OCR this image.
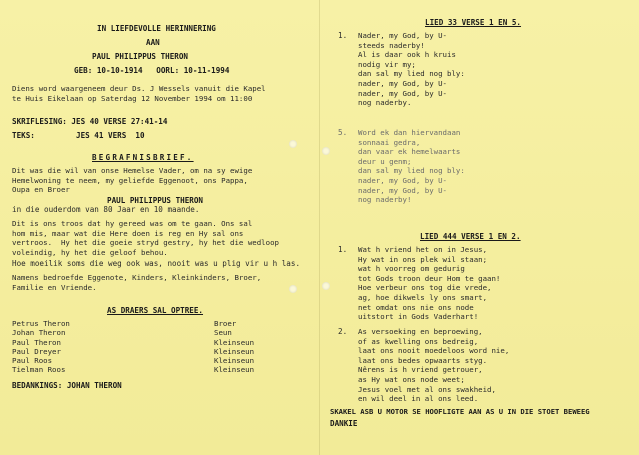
IN LIEFDEVOLLE HERINNERING
AAN
PAUL PHILIPPUS THERON
GEB: 10-10-1914   OORL: 10-11-1994
Diens word waargeneem deur Ds. J Wessels vanuit die Kapel
te Huis Eikelaan op Saterdag 12 November 1994 om 11:00
SKRIFLESING: JES 40 VERSE 27:41-14
TEKS:	JES 41 VERS  10
BEGRAFNISBRIEF.
Dit was die wil van onse Hemelse Vader, om na sy ewige
Hemelwoning te neem, my geliefde Eggenoot, ons Pappa,
Oupa en Broer
PAUL PHILIPPUS THERON
in die ouderdom van 80 Jaar en 10 maande.
Dit is ons troos dat hy gereed was om te gaan. Ons sal
hom mis, maar wat die Here doen is reg en Hy sal ons
vertroos.  Hy het die goeie stryd gestry, hy het die wedloop
voleindig, hy het die geloof behou.
Hoe moeilik soms die weg ook was, nooit was u plig vir u h las.
Namens bedroefde Eggenote, Kinders, Kleinkinders, Broer,
Familie en Vriende.
AS DRAERS SAL OPTREE.
Petrus Theron
Johan Theron
Paul Theron
Paul Dreyer
Paul Roos
Tielman Roos
Broer
Seun
Kleinseun
Kleinseun
Kleinseun
Kleinseun
BEDANKINGS: JOHAN THERON
LIED 33 VERSE 1 EN 5.
1. Nader, my God, by U-
steeds naderby!
Al is daar ook h kruis
nodig vir my;
dan sal my lied nog bly:
nader, my God, by U-
nader, my God, by U-
nog naderby.
5. Word ek dan hiervandaan
sonnaai gedra,
dan vaar ek hemelwaarts
deur u genm;
dan sal my lied nog bly:
nader, my God, by U-
nader, my God, by U-
nog naderby!
LIED 444 VERSE 1 EN 2.
1. Wat h vriend het on in Jesus,
Hy wat in ons plek wil staan;
wat h voorreg om gedurig
tot Gods troon deur Hom te gaan!
Hoe verbeur ons tog die vrede,
ag, hoe dikwels ly ons smart,
net omdat ons nie ons node
uitstort in Gods Vaderhart!
2. As versoeking en beproewing,
of as kwelling ons bedreig,
laat ons nooit moedeloos word nie,
laat ons bedes opwaarts styg.
Nêrens is h vriend getrouer,
as Hy wat ons node weet;
Jesus voel met al ons swakheid,
en wil deel in al ons leed.
SKAKEL ASB U MOTOR SE HOOFLIGTE AAN AS U IN DIE STOET BEWEEG
DANKIE
